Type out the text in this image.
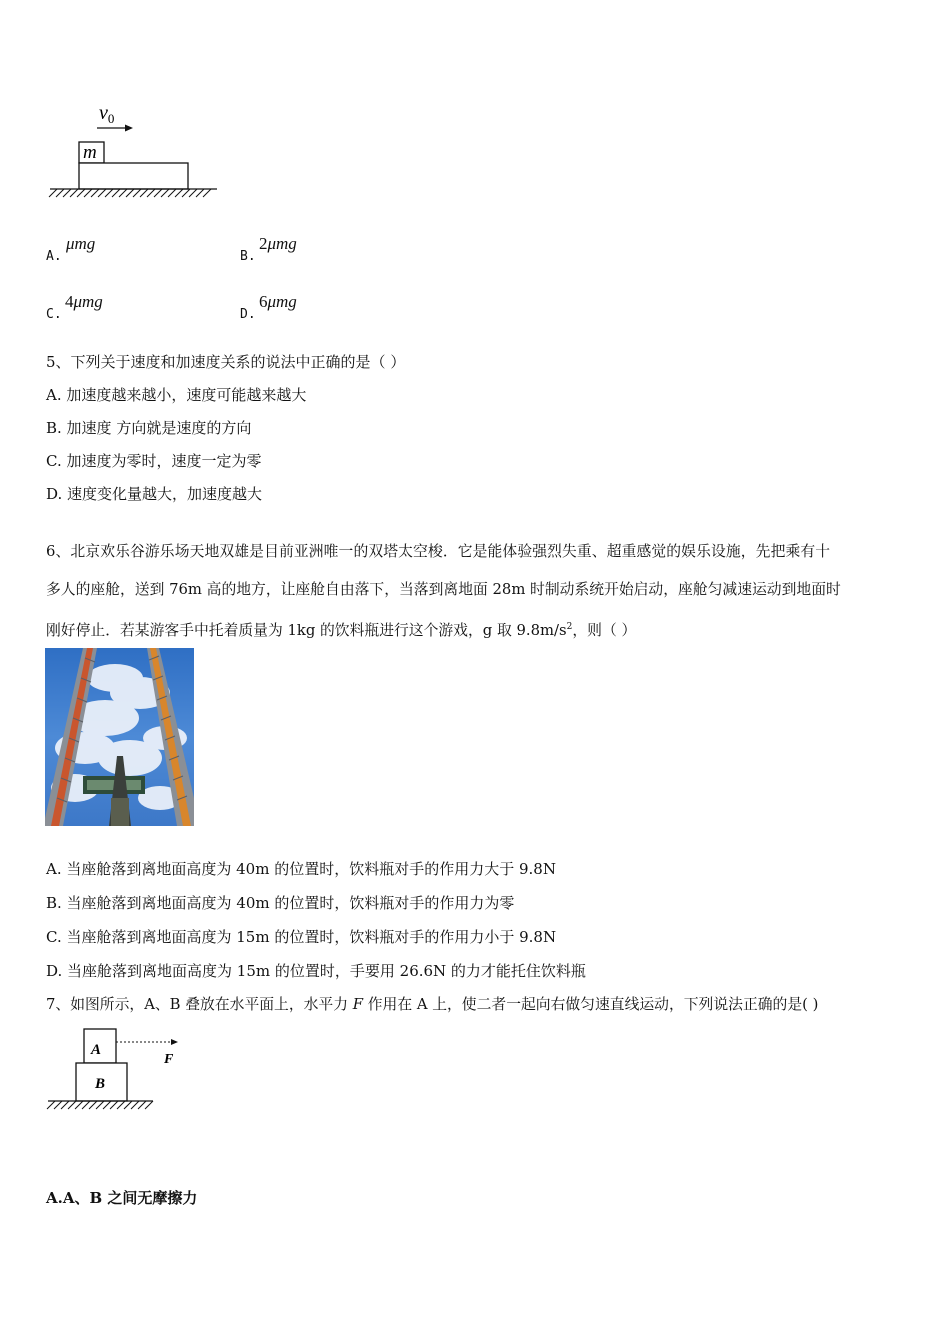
$v_0$
m
A.
μmg
B.
2μmg
C.
4μmg
D.
6μmg
5、下列关于速度和加速度关系的说法中正确的是（ ）
A. 加速度越来越小，速度可能越来越大
B. 加速度 方向就是速度的方向
C. 加速度为零时，速度一定为零
D. 速度变化量越大，加速度越大
6、北京欢乐谷游乐场天地双雄是目前亚洲唯一的双塔太空梭．它是能体验强烈失重、超重感觉的娱乐设施，先把乘有十
多人的座舱，送到 76m 高的地方，让座舱自由落下，当落到离地面 28m 时制动系统开始启动，座舱匀减速运动到地面时
刚好停止．若某游客手中托着质量为 1kg 的饮料瓶进行这个游戏，g 取 $9.8m/s^2$，则（ ）
A. 当座舱落到离地面高度为 40m 的位置时，饮料瓶对手的作用力大于 9.8N
B. 当座舱落到离地面高度为 40m 的位置时，饮料瓶对手的作用力为零
C. 当座舱落到离地面高度为 15m 的位置时，饮料瓶对手的作用力小于 9.8N
D. 当座舱落到离地面高度为 15m 的位置时，手要用 26.6N 的力才能托住饮料瓶
7、如图所示，A、B 叠放在水平面上，水平力 F 作用在 A 上，使二者一起向右做匀速直线运动，下列说法正确的是( )
A
B
F
A.A、B 之间无摩擦力
